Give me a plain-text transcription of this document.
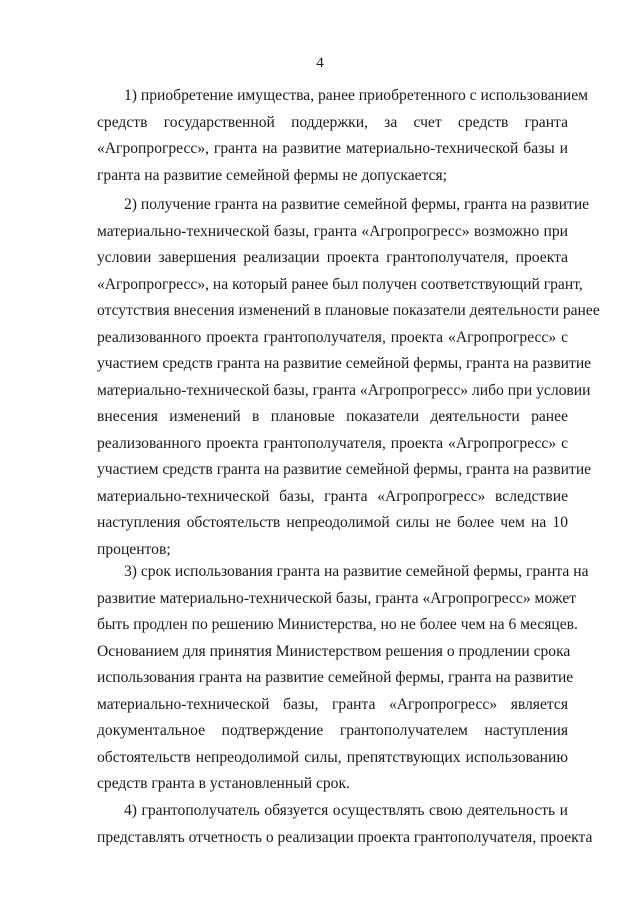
4
1) приобретение имущества, ранее приобретенного с использованием
средств государственной поддержки, за счет средств гранта
«Агропрогресс», гранта на развитие материально-технической базы и
гранта на развитие семейной фермы не допускается;
2) получение гранта на развитие семейной фермы, гранта на развитие
материально-технической базы, гранта «Агропрогресс» возможно при
условии завершения реализации проекта грантополучателя, проекта
«Агропрогресс», на который ранее был получен соответствующий грант,
отсутствия внесения изменений в плановые показатели деятельности ранее
реализованного проекта грантополучателя, проекта «Агропрогресс» с
участием средств гранта на развитие семейной фермы, гранта на развитие
материально-технической базы, гранта «Агропрогресс» либо при условии
внесения изменений в плановые показатели деятельности ранее
реализованного проекта грантополучателя, проекта «Агропрогресс» с
участием средств гранта на развитие семейной фермы, гранта на развитие
материально-технической базы, гранта «Агропрогресс» вследствие
наступления обстоятельств непреодолимой силы не более чем на 10
процентов;
3) срок использования гранта на развитие семейной фермы, гранта на
развитие материально-технической базы, гранта «Агропрогресс» может
быть продлен по решению Министерства, но не более чем на 6 месяцев.
Основанием для принятия Министерством решения о продлении срока
использования гранта на развитие семейной фермы, гранта на развитие
материально-технической базы, гранта «Агропрогресс» является
документальное подтверждение грантополучателем наступления
обстоятельств непреодолимой силы, препятствующих использованию
средств гранта в установленный срок.
4) грантополучатель обязуется осуществлять свою деятельность и
представлять отчетность о реализации проекта грантополучателя, проекта
